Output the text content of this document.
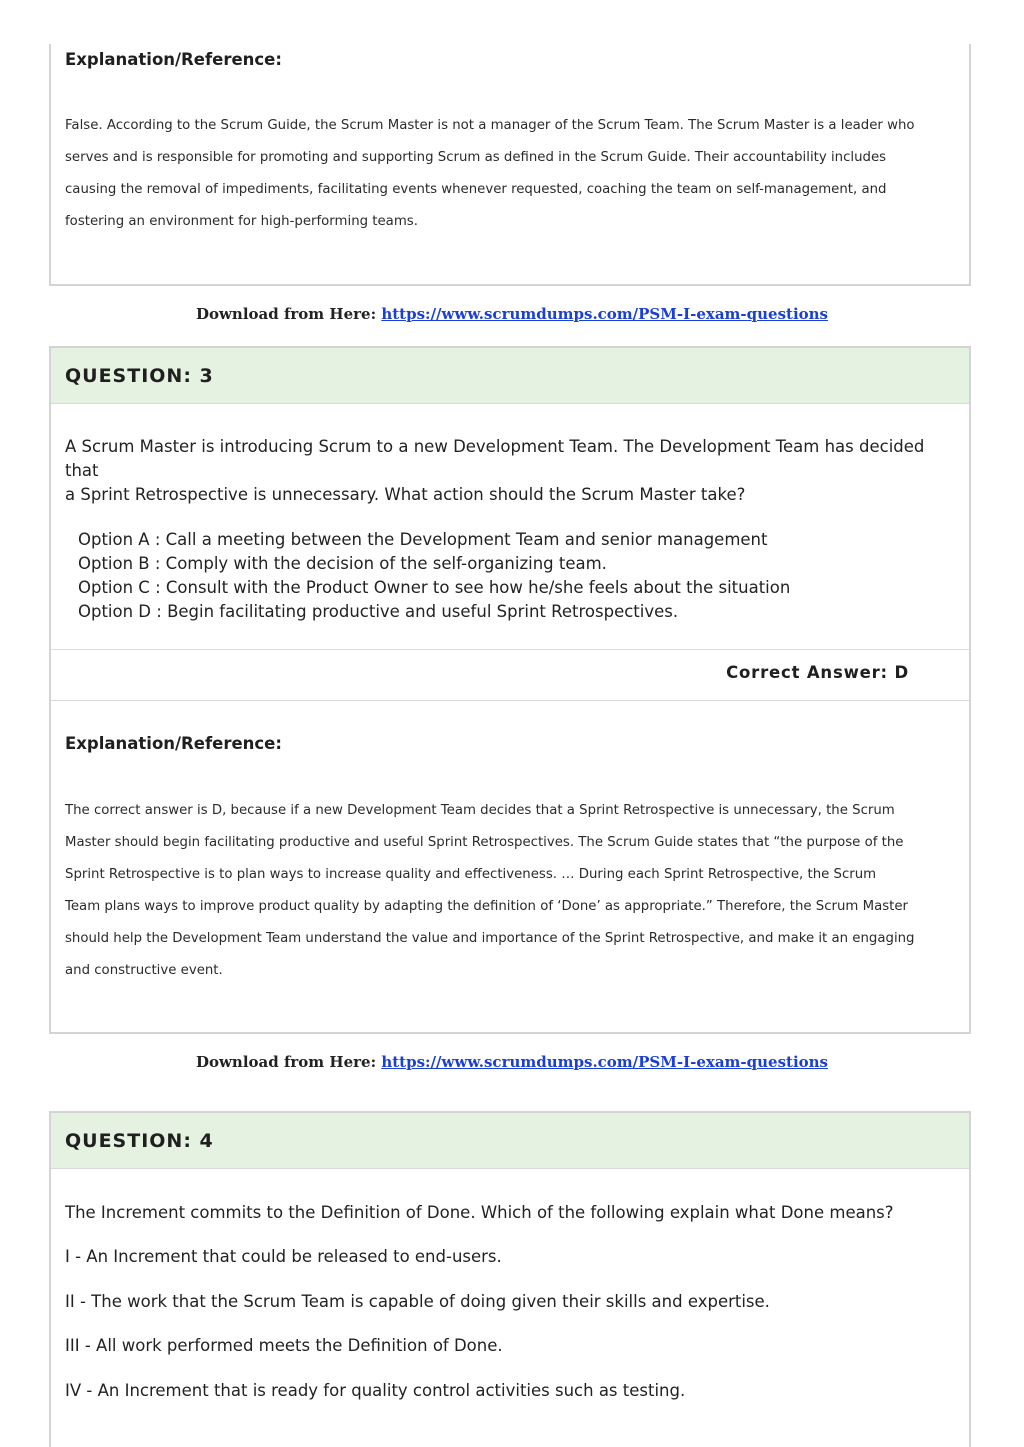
Explanation/Reference:
False. According to the Scrum Guide, the Scrum Master is not a manager of the Scrum Team. The Scrum Master is a leader who
serves and is responsible for promoting and supporting Scrum as defined in the Scrum Guide. Their accountability includes
causing the removal of impediments, facilitating events whenever requested, coaching the team on self-management, and
fostering an environment for high-performing teams.
Download from Here: https://www.scrumdumps.com/PSM-I-exam-questions
QUESTION: 3
A Scrum Master is introducing Scrum to a new Development Team. The Development Team has decided that
a Sprint Retrospective is unnecessary. What action should the Scrum Master take?
Option A : Call a meeting between the Development Team and senior management
Option B : Comply with the decision of the self-organizing team.
Option C : Consult with the Product Owner to see how he/she feels about the situation
Option D : Begin facilitating productive and useful Sprint Retrospectives.
Correct Answer: D
Explanation/Reference:
The correct answer is D, because if a new Development Team decides that a Sprint Retrospective is unnecessary, the Scrum
Master should begin facilitating productive and useful Sprint Retrospectives. The Scrum Guide states that “the purpose of the
Sprint Retrospective is to plan ways to increase quality and effectiveness. … During each Sprint Retrospective, the Scrum
Team plans ways to improve product quality by adapting the definition of ‘Done’ as appropriate.” Therefore, the Scrum Master
should help the Development Team understand the value and importance of the Sprint Retrospective, and make it an engaging
and constructive event.
Download from Here: https://www.scrumdumps.com/PSM-I-exam-questions
QUESTION: 4
The Increment commits to the Definition of Done. Which of the following explain what Done means?
I - An Increment that could be released to end-users.
II - The work that the Scrum Team is capable of doing given their skills and expertise.
III - All work performed meets the Definition of Done.
IV - An Increment that is ready for quality control activities such as testing.
